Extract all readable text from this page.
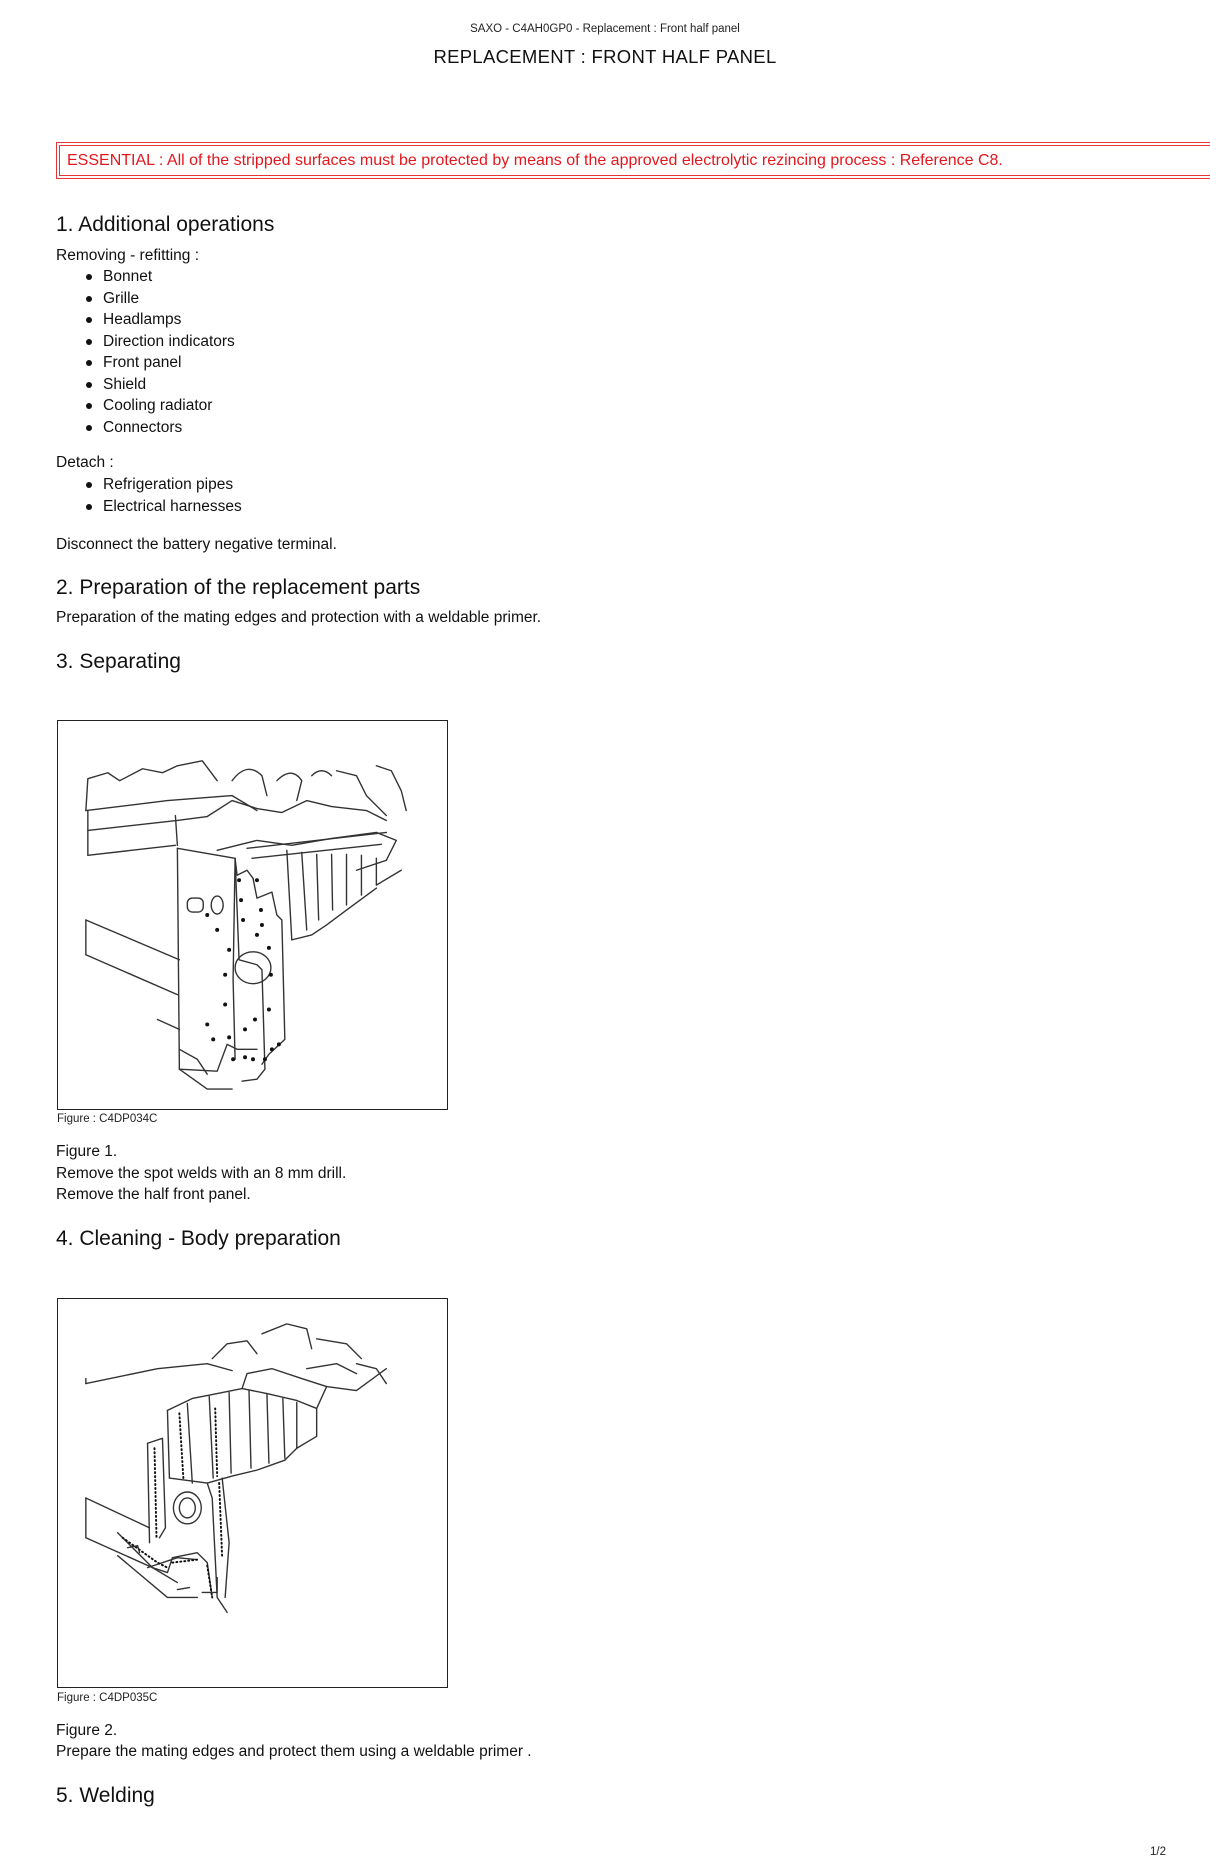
SAXO - C4AH0GP0 - Replacement : Front half panel
REPLACEMENT : FRONT HALF PANEL
ESSENTIAL : All of the stripped surfaces must be protected by means of the approved electrolytic rezincing process : Reference C8.
1. Additional operations

Removing - refitting :

Bonnet
Grille
Headlamps
Direction indicators
Front panel
Shield
Cooling radiator
Connectors

Detach :

Refrigeration pipes
Electrical harnesses

Disconnect the battery negative terminal.

2. Preparation of the replacement parts

Preparation of the mating edges and protection with a weldable primer.

3. Separating
Figure : C4DP034C

Figure 1.

Remove the spot welds with an 8 mm drill.

Remove the half front panel.

4. Cleaning - Body preparation
Figure : C4DP035C

Figure 2.

Prepare the mating edges and protect them using a weldable primer .

5. Welding
1/2
